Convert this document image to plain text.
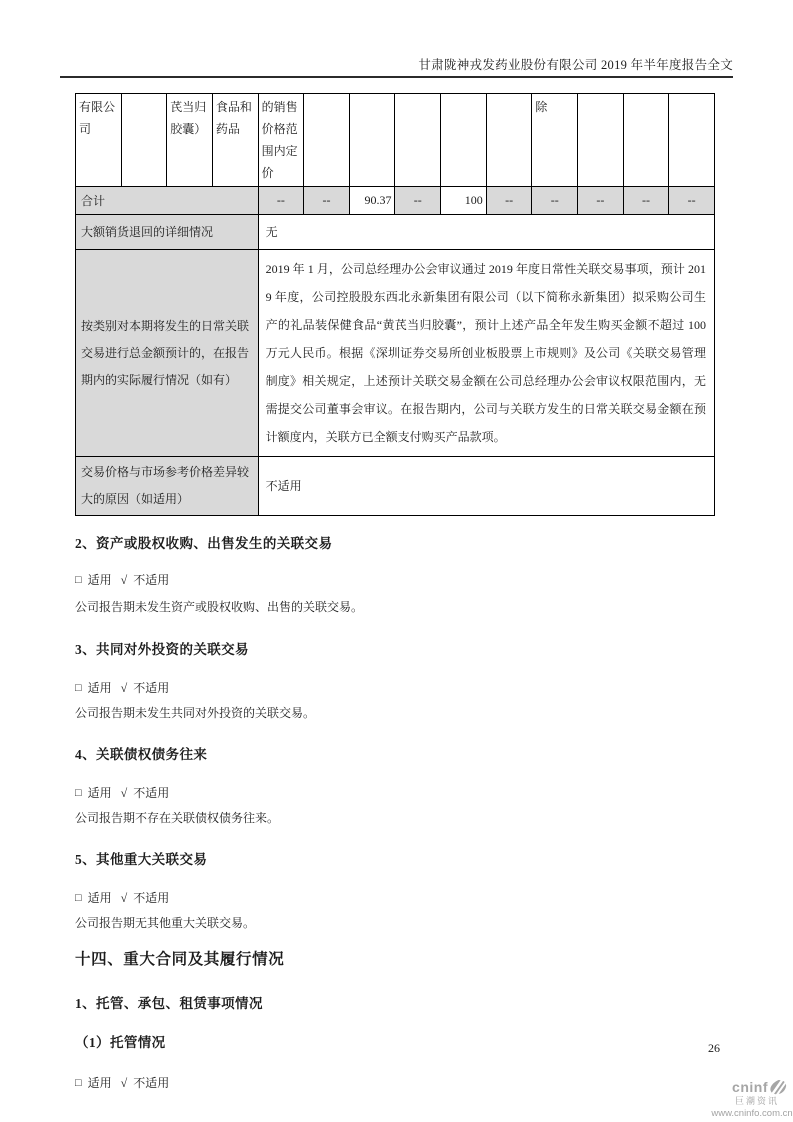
甘肃陇神戎发药业股份有限公司 2019 年半年度报告全文
有限公司		芪当归胶囊）	食品和药品	的销售价格范围内定价						除			
合计				--	--	90.37	--	100	--	--	--	--	--
大额销货退回的详细情况				无									
按类别对本期将发生的日常关联交易进行总金额预计的，在报告期内的实际履行情况（如有）				2019 年 1 月，公司总经理办公会审议通过 2019 年度日常性关联交易事项，预计 2019 年度，公司控股股东西北永新集团有限公司（以下简称永新集团）拟采购公司生产的礼品装保健食品“黄芪当归胶囊”，预计上述产品全年发生购买金额不超过 100 万元人民币。根据《深圳证券交易所创业板股票上市规则》及公司《关联交易管理制度》相关规定，上述预计关联交易金额在公司总经理办公会审议权限范围内，无需提交公司董事会审议。在报告期内，公司与关联方发生的日常关联交易金额在预计额度内，关联方已全额支付购买产品款项。									
交易价格与市场参考价格差异较大的原因（如适用）				不适用									
2、资产或股权收购、出售发生的关联交易
□ 适用 √ 不适用
公司报告期未发生资产或股权收购、出售的关联交易。
3、共同对外投资的关联交易
□ 适用 √ 不适用
公司报告期未发生共同对外投资的关联交易。
4、关联债权债务往来
□ 适用 √ 不适用
公司报告期不存在关联债权债务往来。
5、其他重大关联交易
□ 适用 √ 不适用
公司报告期无其他重大关联交易。
十四、重大合同及其履行情况
1、托管、承包、租赁事项情况
（1）托管情况
□ 适用 √ 不适用
26
cninf
巨潮资讯
www.cninfo.com.cn
